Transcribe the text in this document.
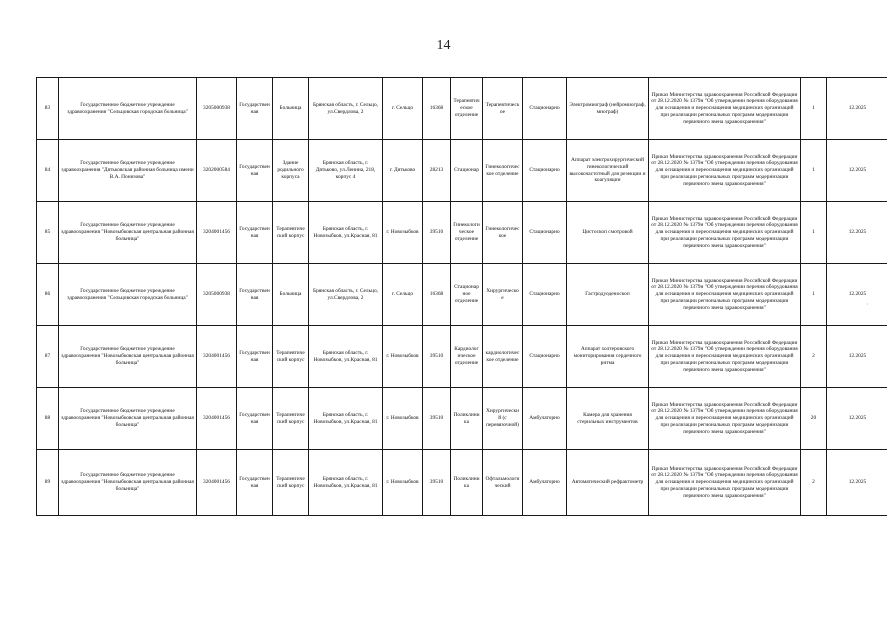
14
·
83	Государственное бюджетное учреждение здравоохранения "Сельцовская городская больница"	3205000938	Государственная	Больница	Брянская область, г. Сельцо, ул.Свердлова, 2	г. Сельцо	16368	Терапевтическое отделение	Терапевтическое	Стационарно	Электромиограф (нейромиограф, миограф)	Приказ Министерства здравоохранения Российской Федерации от 28.12.2020 № 1379н "Об утверждении перечня оборудования для оснащения и переоснащения медицинских организаций при реализации региональных программ модернизации первичного звена здравоохранения"	1	12.2025
84	Государственное бюджетное учреждение здравоохранения "Дятьковская районная больница имени В.А. Понизова"	3202000584	Государственная	Здание родильного корпуса	Брянская область, г. Дятьково, ул.Ленина, 218, корпус 4	г. Дятьково	28213	Стационар	Гинекологическое отделение	Стационарно	Аппарат электрохирургический гинекологический высокочастотный для резекции и коагуляции	Приказ Министерства здравоохранения Российской Федерации от 28.12.2020 № 1379н "Об утверждении перечня оборудования для оснащения и переоснащения медицинских организаций при реализации региональных программ модернизации первичного звена здравоохранения"	1	12.2025
85	Государственное бюджетное учреждение здравоохранения "Новозыбковская центральная районная больница"	3204001456	Государственная	Терапевтический корпус	Брянская область, г. Новозыбков, ул.Красная, 81	г. Новозыбков	39510	Гинекологическое отделение	Гинекологическое	Стационарно	Цистоскоп смотровой	Приказ Министерства здравоохранения Российской Федерации от 28.12.2020 № 1379н "Об утверждении перечня оборудования для оснащения и переоснащения медицинских организаций при реализации региональных программ модернизации первичного звена здравоохранения"	1	12.2025
86	Государственное бюджетное учреждение здравоохранения "Сельцовская городская больница"	3205000938	Государственная	Больница	Брянская область, г. Сельцо, ул.Свердлова, 2	г. Сельцо	16368	Стационарное отделение	Хирургическое	Стационарно	Гастродуоденоскоп	Приказ Министерства здравоохранения Российской Федерации от 28.12.2020 № 1379н "Об утверждении перечня оборудования для оснащения и переоснащения медицинских организаций при реализации региональных программ модернизации первичного звена здравоохранения"	1	12.2025
87	Государственное бюджетное учреждение здравоохранения "Новозыбковская центральная районная больница"	3204001456	Государственная	Терапевтический корпус	Брянская область, г. Новозыбков, ул.Красная, 81	г. Новозыбков	39510	Кардиологическое отделение	кардиологическое отделение	Стационарно	Аппарат холтеровского мониторирования сердечного ритма	Приказ Министерства здравоохранения Российской Федерации от 28.12.2020 № 1379н "Об утверждении перечня оборудования для оснащения и переоснащения медицинских организаций при реализации региональных программ модернизации первичного звена здравоохранения"	2	12.2025
88	Государственное бюджетное учреждение здравоохранения "Новозыбковская центральная районная больница"	3204001456	Государственная	Терапевтический корпус	Брянская область, г. Новозыбков, ул.Красная, 81	г. Новозыбков	39510	Поликлиника	Хирургический (с перевязочной)	Амбулаторно	Камера для хранения стерильных инструментов	Приказ Министерства здравоохранения Российской Федерации от 28.12.2020 № 1379н "Об утверждении перечня оборудования для оснащения и переоснащения медицинских организаций при реализации региональных программ модернизации первичного звена здравоохранения"	20	12.2025
89	Государственное бюджетное учреждение здравоохранения "Новозыбковская центральная районная больница"	3204001456	Государственная	Терапевтический корпус	Брянская область, г. Новозыбков, ул.Красная, 81	г. Новозыбков	39510	Поликлиника	Офтальмологический	Амбулаторно	Автоматический рефрактометр	Приказ Министерства здравоохранения Российской Федерации от 28.12.2020 № 1379н "Об утверждении перечня оборудования для оснащения и переоснащения медицинских организаций при реализации региональных программ модернизации первичного звена здравоохранения"	2	12.2025
